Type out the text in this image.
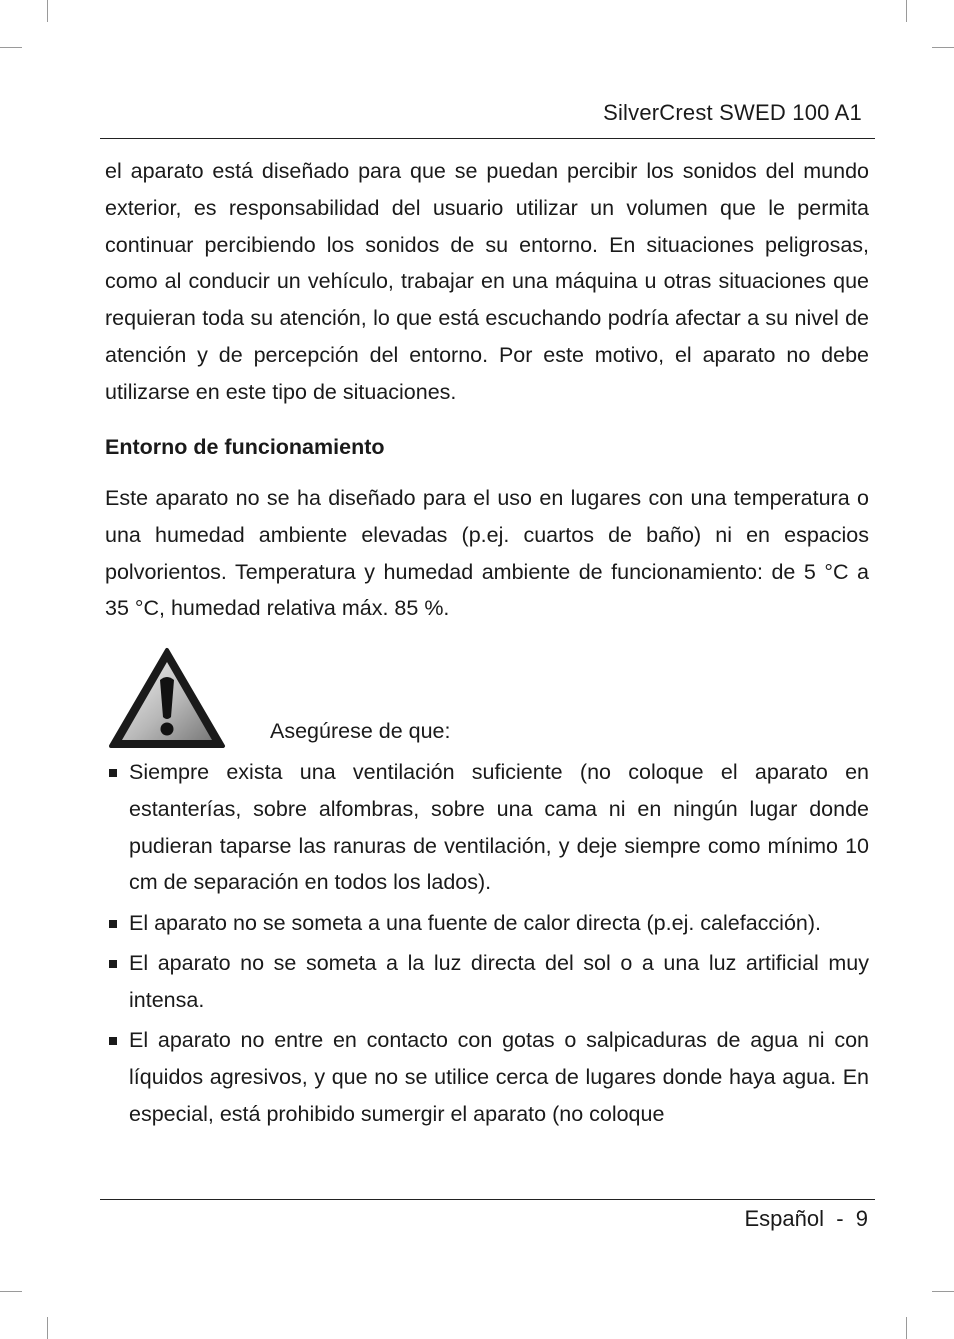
SilverCrest SWED 100 A1

el aparato está diseñado para que se puedan percibir los sonidos del mundo exterior, es responsabilidad del usuario utilizar un volumen que le permita continuar percibiendo los sonidos de su entorno. En situaciones peligrosas, como al conducir un vehículo, trabajar en una máquina u otras situaciones que requieran toda su atención, lo que está escuchando podría afectar a su nivel de atención y de percepción del entorno. Por este motivo, el aparato no debe utilizarse en este tipo de situaciones.

Entorno de funcionamiento

Este aparato no se ha diseñado para el uso en lugares con una temperatura o una humedad ambiente elevadas (p.ej. cuartos de baño) ni en espacios polvorientos. Temperatura y humedad ambiente de funcionamiento: de 5 °C a 35 °C, humedad relativa máx. 85 %.

Asegúrese de que:
Siempre exista una ventilación suficiente (no coloque el aparato en estanterías, sobre alfombras, sobre una cama ni en ningún lugar donde pudieran taparse las ranuras de ventilación, y deje siempre como mínimo 10 cm de separación en todos los lados).
El aparato no se someta a una fuente de calor directa (p.ej. calefacción).
El aparato no se someta a la luz directa del sol o a una luz artificial muy intensa.
El aparato no entre en contacto con gotas o salpicaduras de agua ni con líquidos agresivos, y que no se utilice cerca de lugares donde haya agua. En especial, está prohibido sumergir el aparato (no coloque
Español  -  9
